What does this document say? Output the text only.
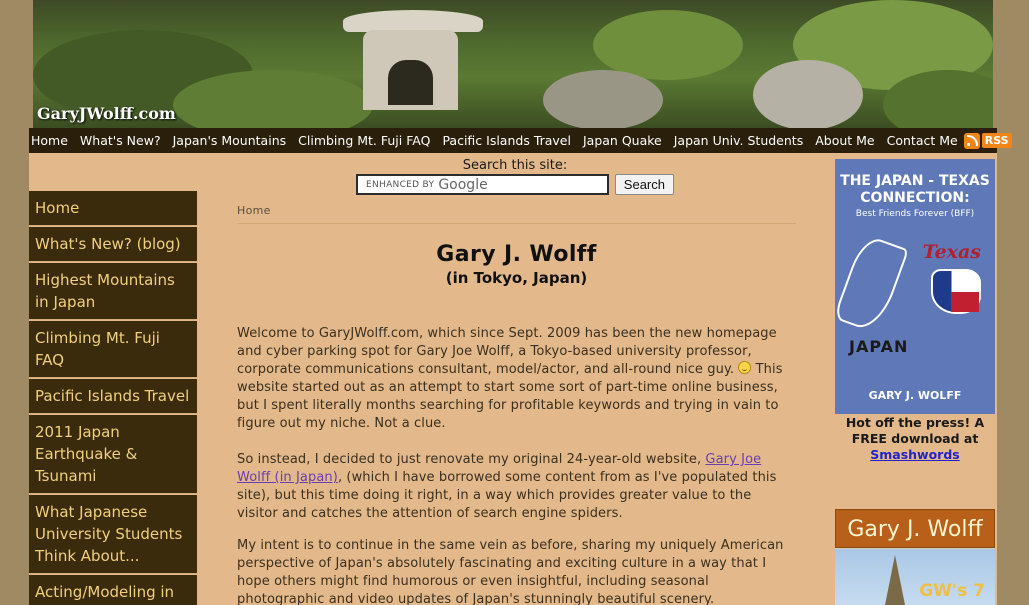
GaryJWolff.com
Home What's New? Japan's Mountains Climbing Mt. Fuji FAQ Pacific Islands Travel Japan Quake Japan Univ. Students About Me Contact Me RSS
Search this site:
ENHANCED BY Google	Search
Home
What's New? (blog)
Highest Mountains in Japan
Climbing Mt. Fuji FAQ
Pacific Islands Travel
2011 Japan Earthquake & Tsunami
What Japanese University Students Think About...
Acting/Modeling in
Home
Gary J. Wolff
(in Tokyo, Japan)

Welcome to GaryJWolff.com, which since Sept. 2009 has been the new homepage and cyber parking spot for Gary Joe Wolff, a Tokyo-based university professor, corporate communications consultant, model/actor, and all-round nice guy.  This website started out as an attempt to start some sort of part-time online business, but I spent literally months searching for profitable keywords and trying in vain to figure out my niche. Not a clue.

So instead, I decided to just renovate my original 24-year-old website, Gary Joe Wolff (in Japan), (which I have borrowed some content from as I've populated this site), but this time doing it right, in a way which provides greater value to the visitor and catches the attention of search engine spiders.

My intent is to continue in the same vein as before, sharing my uniquely American perspective of Japan's absolutely fascinating and exciting culture in a way that I hope others might find humorous or even insightful, including seasonal photographic and video updates of Japan's stunningly beautiful scenery.

THE JAPAN - TEXAS CONNECTION:
Best Friends Forever (BFF)
Texas
JAPAN
GARY J. WOLFF
Hot off the press! A FREE download at
Smashwords
Gary J. Wolff
GW's 7
